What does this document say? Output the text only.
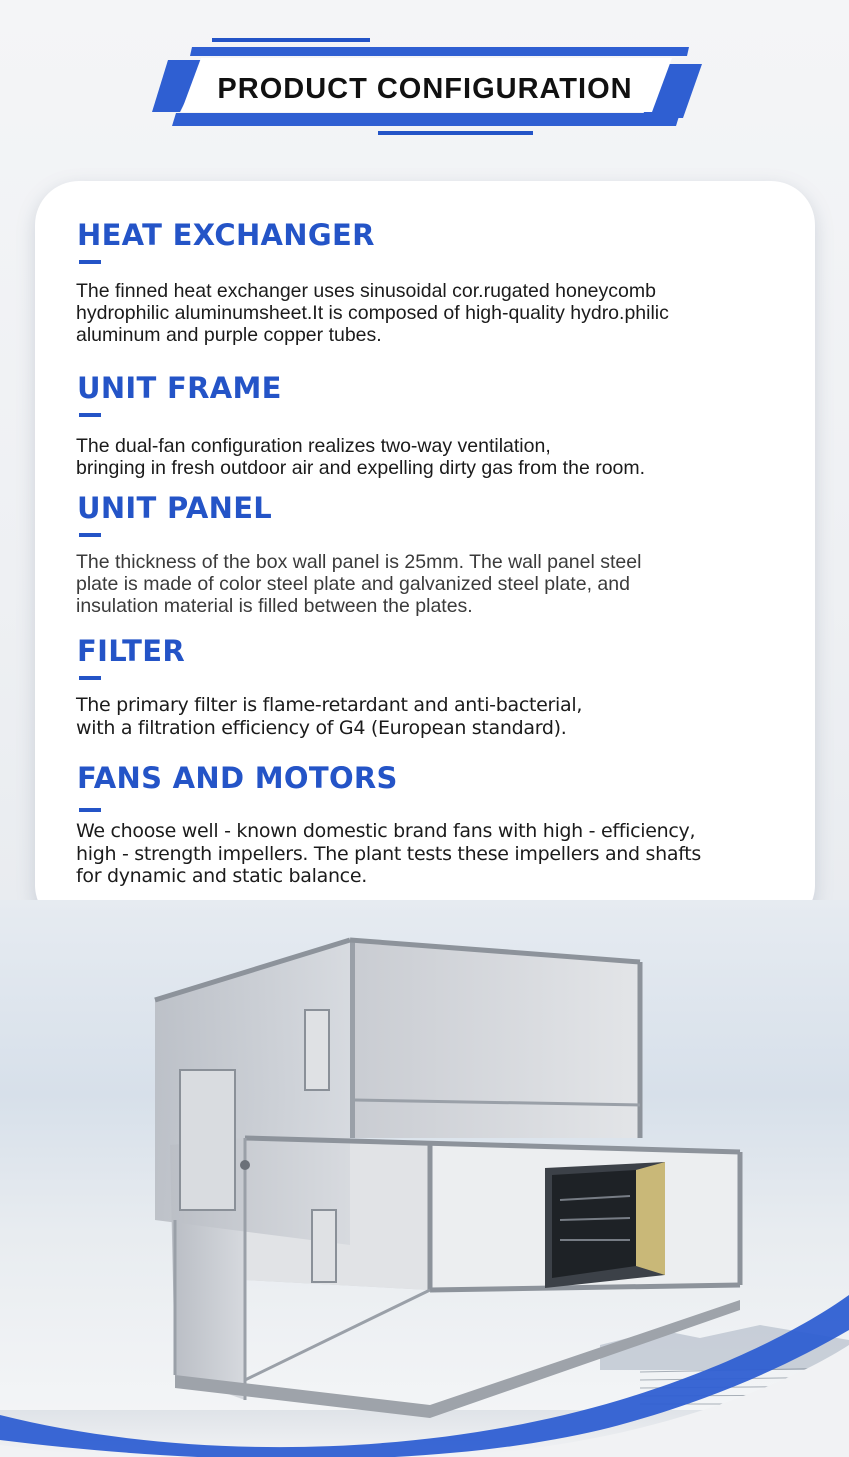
PRODUCT CONFIGURATION
HEAT EXCHANGER
The finned heat exchanger uses sinusoidal cor.rugated honeycomb
hydrophilic aluminumsheet.It is composed of high-quality hydro.philic
aluminum and purple copper tubes.
UNIT FRAME
The dual-fan configuration realizes two-way ventilation,
bringing in fresh outdoor air and expelling dirty gas from the room.
UNIT PANEL
The thickness of the box wall panel is 25mm. The wall panel steel
plate is made of color steel plate and galvanized steel plate, and
insulation material is filled between the plates.
FILTER
The primary filter is flame-retardant and anti-bacterial,
with a filtration efficiency of G4 (European standard).
FANS AND MOTORS
We choose well - known domestic brand fans with high - efficiency,
high - strength impellers. The plant tests these impellers and shafts
for dynamic and static balance.
